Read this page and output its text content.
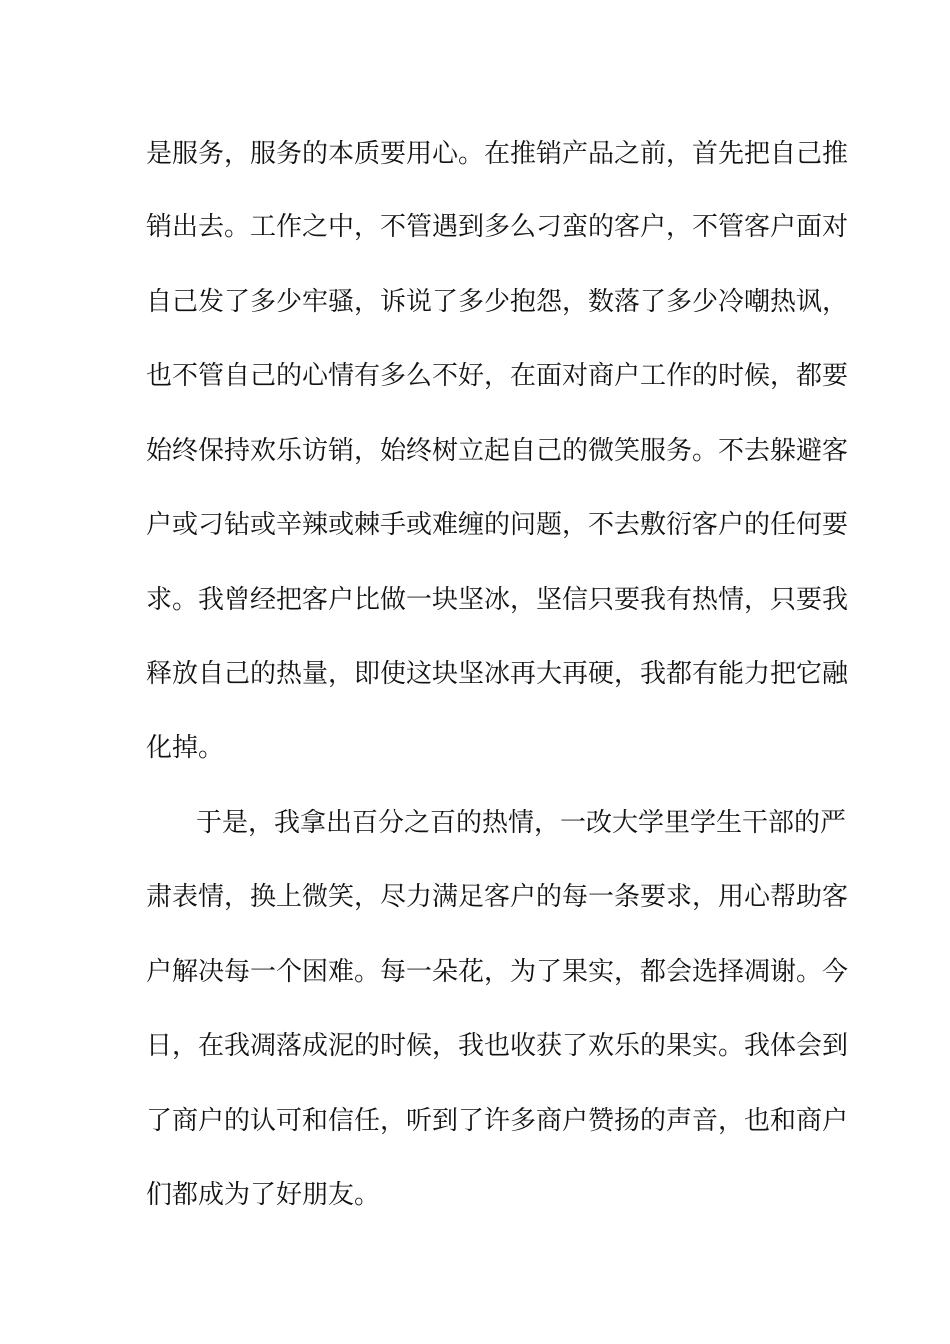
是服务，服务的本质要用心。在推销产品之前，首先把自己推
销出去。工作之中，不管遇到多么刁蛮的客户，不管客户面对
自己发了多少牢骚，诉说了多少抱怨，数落了多少冷嘲热讽，
也不管自己的心情有多么不好，在面对商户工作的时候，都要
始终保持欢乐访销，始终树立起自己的微笑服务。不去躲避客
户或刁钻或辛辣或棘手或难缠的问题，不去敷衍客户的任何要
求。我曾经把客户比做一块坚冰，坚信只要我有热情，只要我
释放自己的热量，即使这块坚冰再大再硬，我都有能力把它融
化掉。
于是，我拿出百分之百的热情，一改大学里学生干部的严
肃表情，换上微笑，尽力满足客户的每一条要求，用心帮助客
户解决每一个困难。每一朵花，为了果实，都会选择凋谢。今
日，在我凋落成泥的时候，我也收获了欢乐的果实。我体会到
了商户的认可和信任，听到了许多商户赞扬的声音，也和商户
们都成为了好朋友。
